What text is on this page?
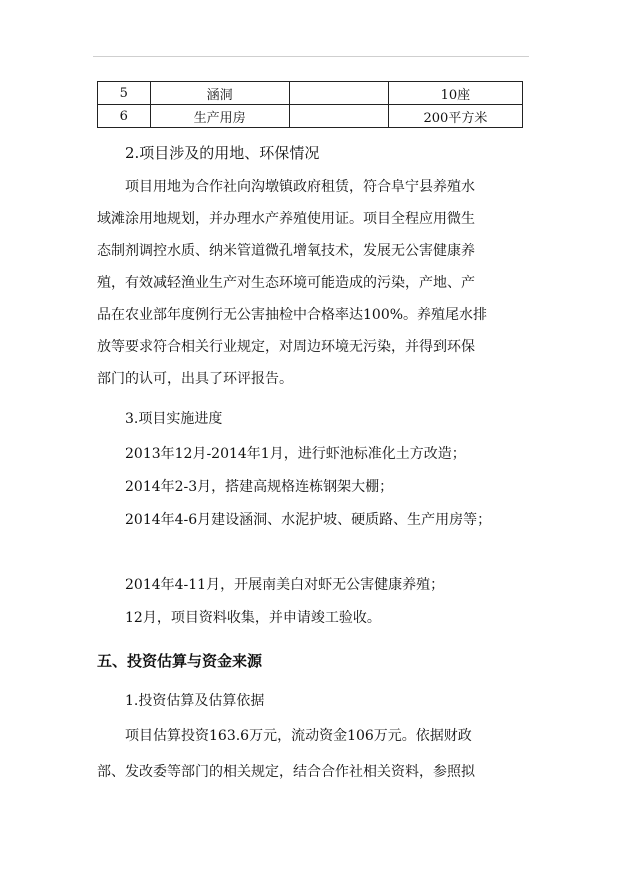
5	涵洞		10座
6	生产用房		200平方米
2.项目涉及的用地、环保情况
项目用地为合作社向沟墩镇政府租赁，符合阜宁县养殖水
域滩涂用地规划，并办理水产养殖使用证。项目全程应用微生
态制剂调控水质、纳米管道微孔增氧技术，发展无公害健康养
殖，有效减轻渔业生产对生态环境可能造成的污染，产地、产
品在农业部年度例行无公害抽检中合格率达100%。养殖尾水排
放等要求符合相关行业规定，对周边环境无污染，并得到环保
部门的认可，出具了环评报告。
3.项目实施进度
2013年12月-2014年1月，进行虾池标准化土方改造；
2014年2-3月，搭建高规格连栋钢架大棚；
2014年4-6月建设涵洞、水泥护坡、硬质路、生产用房等；
2014年4-11月，开展南美白对虾无公害健康养殖；
12月，项目资料收集，并申请竣工验收。
五、投资估算与资金来源
1.投资估算及估算依据
项目估算投资163.6万元，流动资金106万元。依据财政
部、发改委等部门的相关规定，结合合作社相关资料，参照拟
